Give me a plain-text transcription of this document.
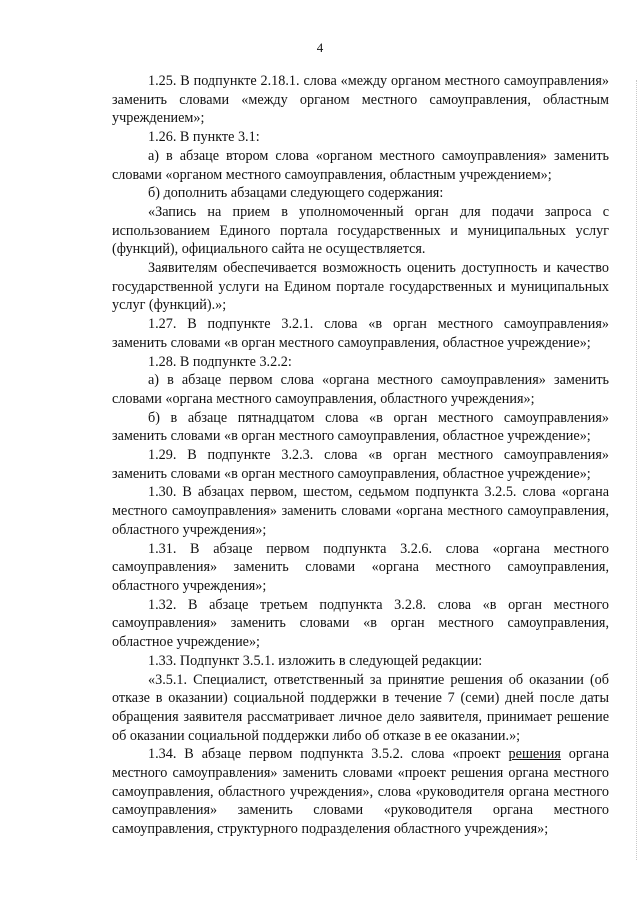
4

1.25. В подпункте 2.18.1. слова «между органом местного самоуправления» заменить словами «между органом местного самоуправления, областным учреждением»;

1.26. В пункте 3.1:

а) в абзаце втором слова «органом местного самоуправления» заменить словами «органом местного самоуправления, областным учреждением»;

б) дополнить абзацами следующего содержания:

«Запись на прием в уполномоченный орган для подачи запроса с использованием Единого портала государственных и муниципальных услуг (функций), официального сайта не осуществляется.

Заявителям обеспечивается возможность оценить доступность и качество государственной услуги на Едином портале государственных и муниципальных услуг (функций).»;

1.27. В подпункте 3.2.1. слова «в орган местного самоуправления» заменить словами «в орган местного самоуправления, областное учреждение»;

1.28. В подпункте 3.2.2:

а) в абзаце первом слова «органа местного самоуправления» заменить словами «органа местного самоуправления, областного учреждения»;

б) в абзаце пятнадцатом слова «в орган местного самоуправления» заменить словами «в орган местного самоуправления, областное учреждение»;

1.29. В подпункте 3.2.3. слова «в орган местного самоуправления» заменить словами «в орган местного самоуправления, областное учреждение»;

1.30. В абзацах первом, шестом, седьмом подпункта 3.2.5. слова «органа местного самоуправления» заменить словами «органа местного самоуправления, областного учреждения»;

1.31. В абзаце первом подпункта 3.2.6. слова «органа местного самоуправления» заменить словами «органа местного самоуправления, областного учреждения»;

1.32. В абзаце третьем подпункта 3.2.8. слова «в орган местного самоуправления» заменить словами «в орган местного самоуправления, областное учреждение»;

1.33. Подпункт 3.5.1. изложить в следующей редакции:

«3.5.1. Специалист, ответственный за принятие решения об оказании (об отказе в оказании) социальной поддержки в течение 7 (семи) дней после даты обращения заявителя рассматривает личное дело заявителя, принимает решение об оказании социальной поддержки либо об отказе в ее оказании.»;

1.34. В абзаце первом подпункта 3.5.2. слова «проект решения органа местного самоуправления» заменить словами «проект решения органа местного самоуправления, областного учреждения», слова «руководителя органа местного самоуправления» заменить словами «руководителя органа местного самоуправления, структурного подразделения областного учреждения»;
